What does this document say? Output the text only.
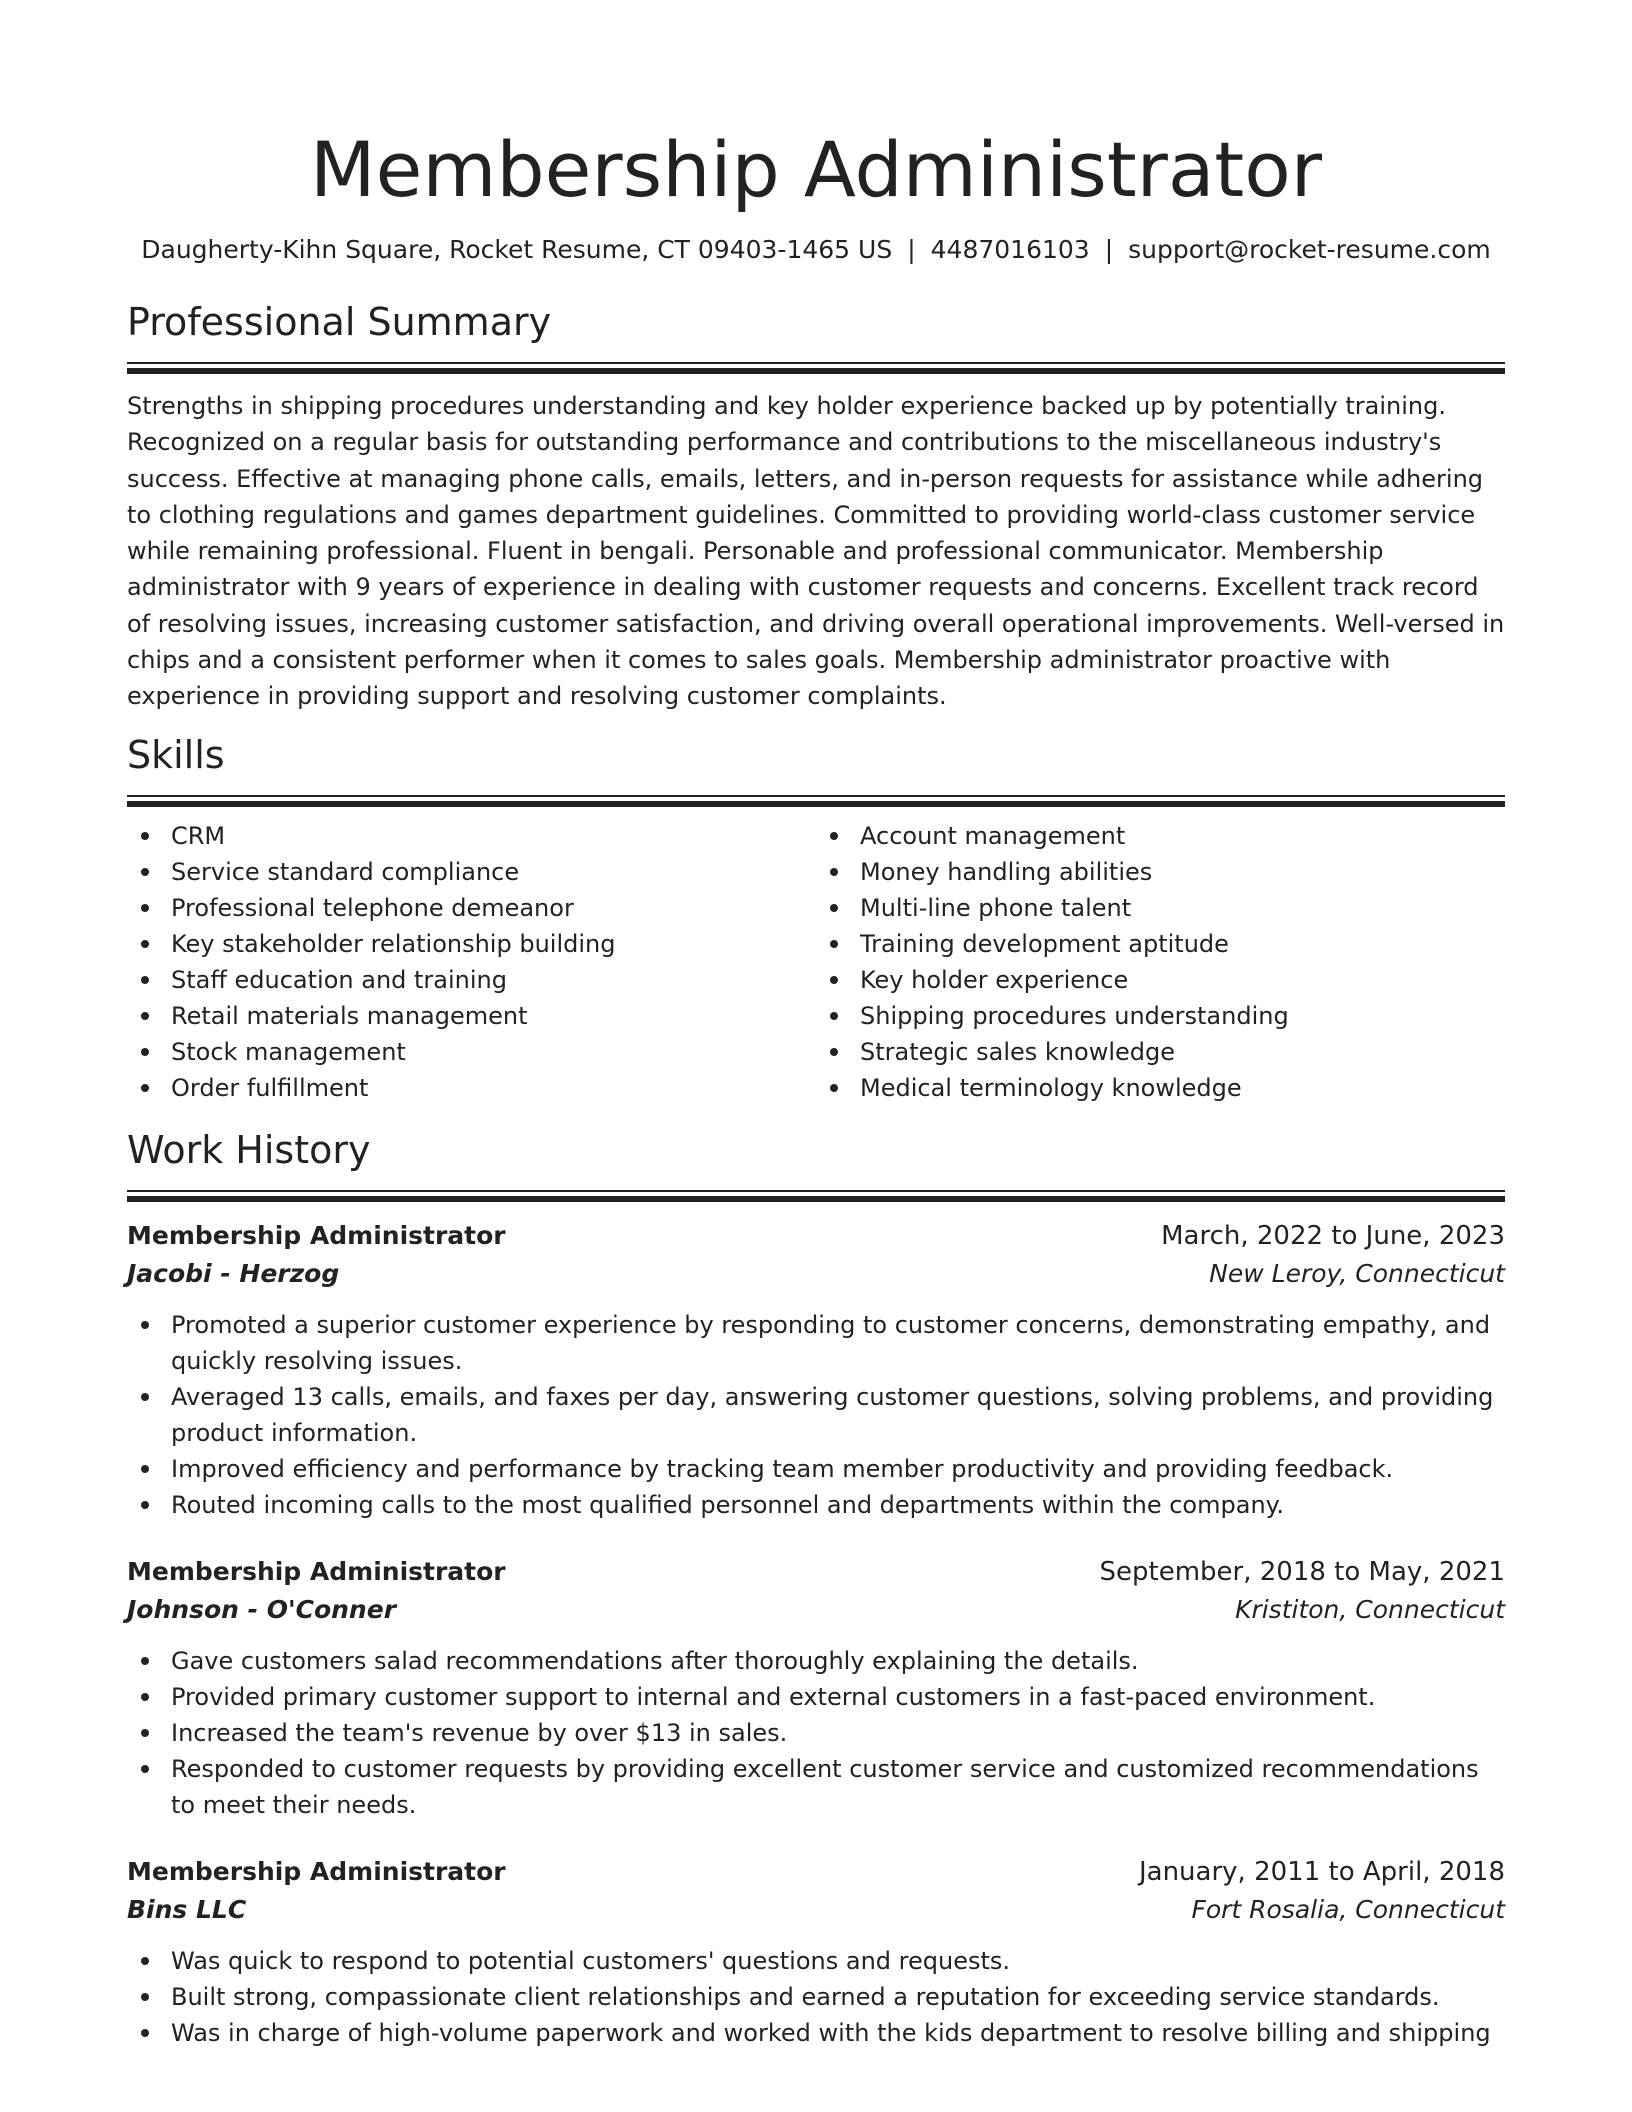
Membership Administrator
Daugherty-Kihn Square, Rocket Resume, CT 09403-1465 US | 4487016103 | support@rocket-resume.com
Professional Summary

Strengths in shipping procedures understanding and key holder experience backed up by potentially training. Recognized on a regular basis for outstanding performance and contributions to the miscellaneous industry's success. Effective at managing phone calls, emails, letters, and in-person requests for assistance while adhering to clothing regulations and games department guidelines. Committed to providing world-class customer service while remaining professional. Fluent in bengali. Personable and professional communicator. Membership administrator with 9 years of experience in dealing with customer requests and concerns. Excellent track record of resolving issues, increasing customer satisfaction, and driving overall operational improvements. Well-versed in chips and a consistent performer when it comes to sales goals. Membership administrator proactive with experience in providing support and resolving customer complaints.

Skills
CRM
Service standard compliance
Professional telephone demeanor
Key stakeholder relationship building
Staff education and training
Retail materials management
Stock management
Order fulfillment
Account management
Money handling abilities
Multi-line phone talent
Training development aptitude
Key holder experience
Shipping procedures understanding
Strategic sales knowledge
Medical terminology knowledge
Work History
Membership Administrator	March, 2022 to June, 2023
Jacobi - Herzog	New Leroy, Connecticut
Promoted a superior customer experience by responding to customer concerns, demonstrating empathy, and quickly resolving issues.
Averaged 13 calls, emails, and faxes per day, answering customer questions, solving problems, and providing product information.
Improved efficiency and performance by tracking team member productivity and providing feedback.
Routed incoming calls to the most qualified personnel and departments within the company.
Membership Administrator	September, 2018 to May, 2021
Johnson - O'Conner	Kristiton, Connecticut
Gave customers salad recommendations after thoroughly explaining the details.
Provided primary customer support to internal and external customers in a fast-paced environment.
Increased the team's revenue by over $13 in sales.
Responded to customer requests by providing excellent customer service and customized recommendations to meet their needs.
Membership Administrator	January, 2011 to April, 2018
Bins LLC	Fort Rosalia, Connecticut
Was quick to respond to potential customers' questions and requests.
Built strong, compassionate client relationships and earned a reputation for exceeding service standards.
Was in charge of high-volume paperwork and worked with the kids department to resolve billing and shipping
